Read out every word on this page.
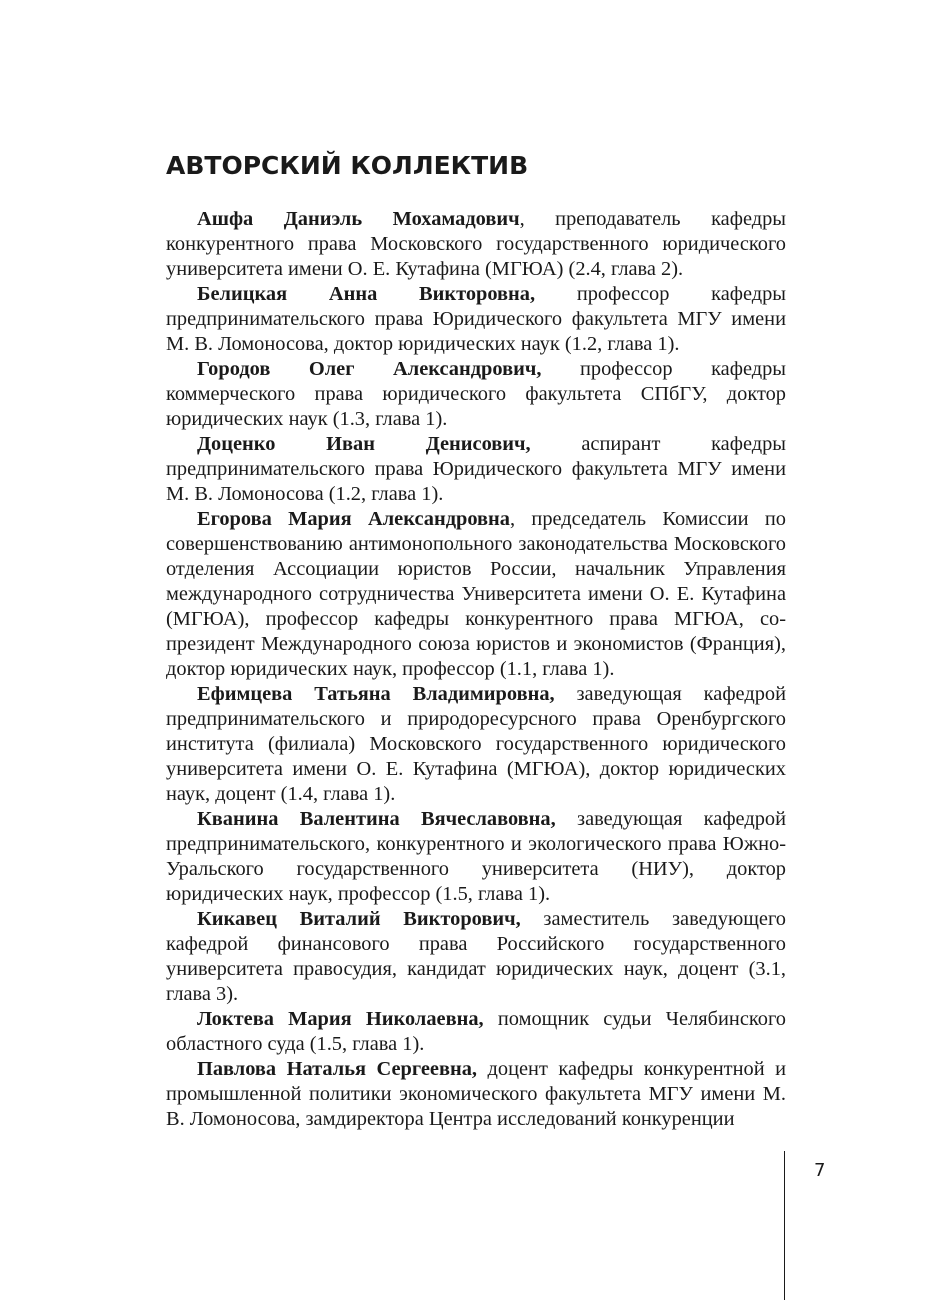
АВТОРСКИЙ КОЛЛЕКТИВ

Ашфа Даниэль Мохамадович, преподаватель кафедры конкурентного права Московского государственного юридического университета имени О. Е. Кутафина (МГЮА) (2.4, глава 2).

Белицкая Анна Викторовна, профессор кафедры предпринимательского права Юридического факультета МГУ имени М. В. Ломоносова, доктор юридических наук (1.2, глава 1).

Городов Олег Александрович, профессор кафедры коммерческого права юридического факультета СПбГУ, доктор юридических наук (1.3, глава 1).

Доценко Иван Денисович, аспирант кафедры предпринимательского права Юридического факультета МГУ имени М. В. Ломоносова (1.2, глава 1).

Егорова Мария Александровна, председатель Комиссии по совершенствованию антимонопольного законодательства Московского отделения Ассоциации юристов России, начальник Управления международного сотрудничества Университета имени О. Е. Кутафина (МГЮА), профессор кафедры конкурентного права МГЮА, со-президент Международного союза юристов и экономистов (Франция), доктор юридических наук, профессор (1.1, глава 1).

Ефимцева Татьяна Владимировна, заведующая кафедрой предпринимательского и природоресурсного права Оренбургского института (филиала) Московского государственного юридического университета имени О. Е. Кутафина (МГЮА), доктор юридических наук, доцент (1.4, глава 1).

Кванина Валентина Вячеславовна, заведующая кафедрой предпринимательского, конкурентного и экологического права Южно-Уральского государственного университета (НИУ), доктор юридических наук, профессор (1.5, глава 1).

Кикавец Виталий Викторович, заместитель заведующего кафедрой финансового права Российского государственного университета правосудия, кандидат юридических наук, доцент (3.1, глава 3).

Локтева Мария Николаевна, помощник судьи Челябинского областного суда (1.5, глава 1).

Павлова Наталья Сергеевна, доцент кафедры конкурентной и промышленной политики экономического факультета МГУ имени М. В. Ломоносова, замдиректора Центра исследований конкуренции

7
